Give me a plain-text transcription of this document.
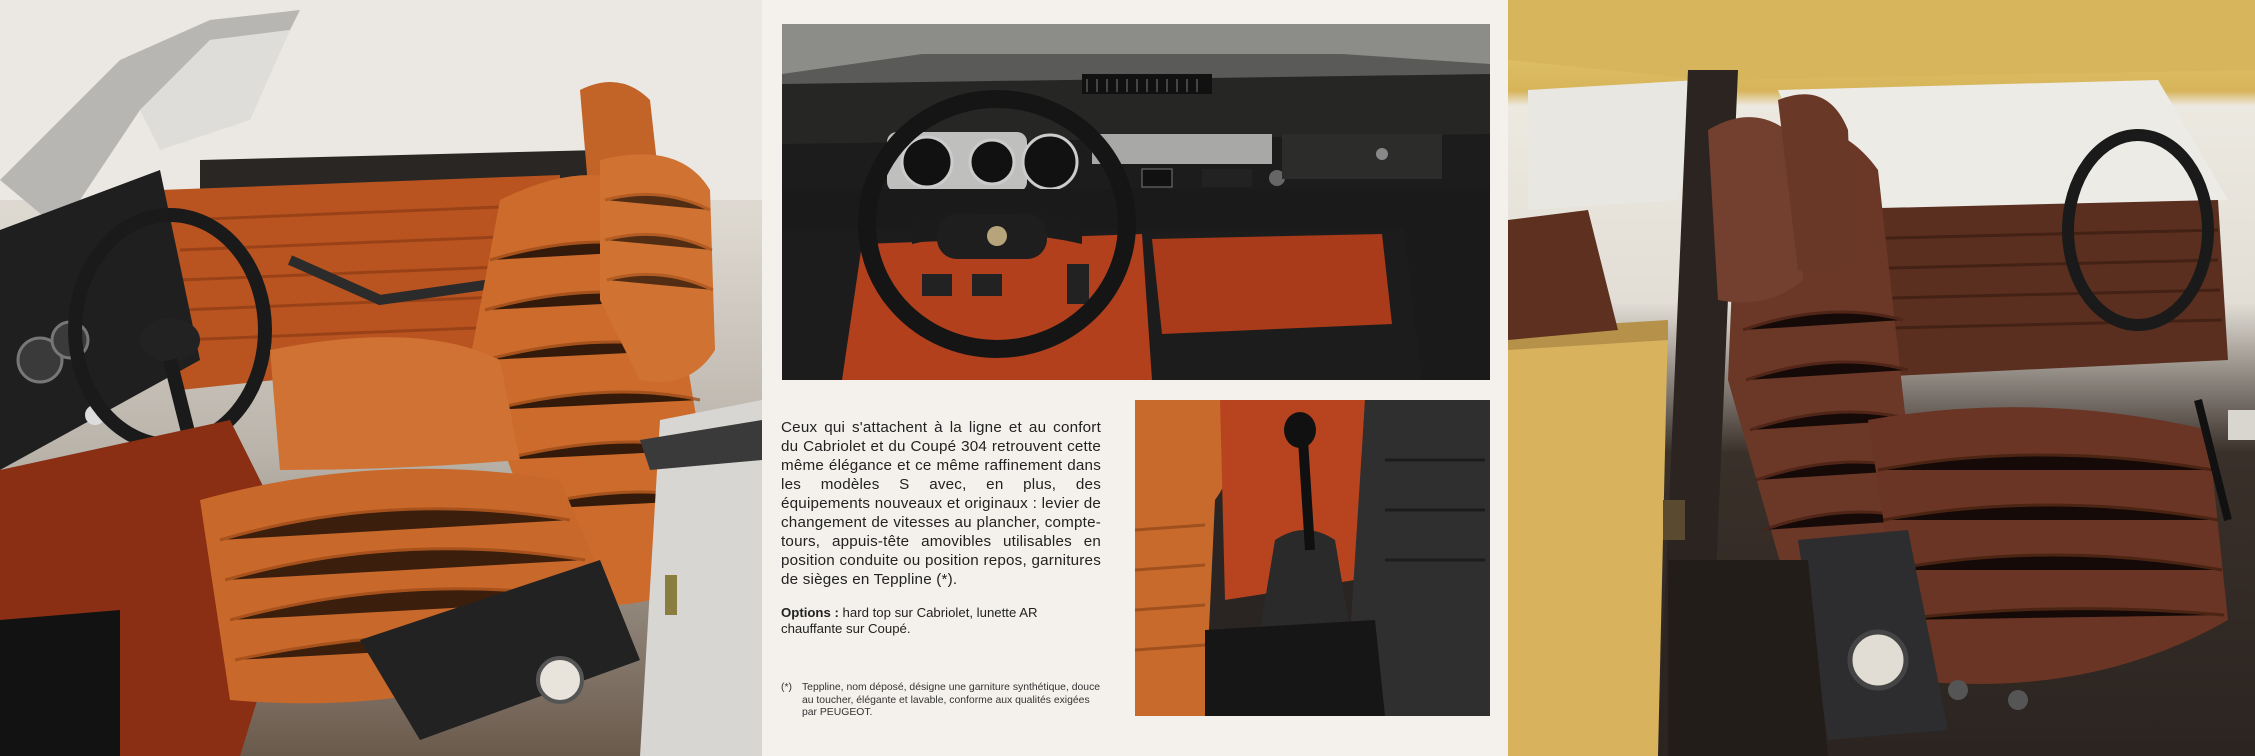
Ceux qui s'attachent à la ligne et au confort du Cabriolet et du Coupé 304 retrouvent cette même élégance et ce même raffinement dans les modèles S avec, en plus, des équipements nouveaux et originaux : levier de changement de vitesses au plancher, compte-tours, appuis-tête amovibles utilisables en position conduite ou position repos, garnitures de sièges en Teppline (*).

Options : hard top sur Cabriolet, lunette AR chauffante sur Coupé.

(*) Teppline, nom déposé, désigne une garniture synthétique, douce au toucher, élégante et lavable, conforme aux qualités exigées par PEUGEOT.
